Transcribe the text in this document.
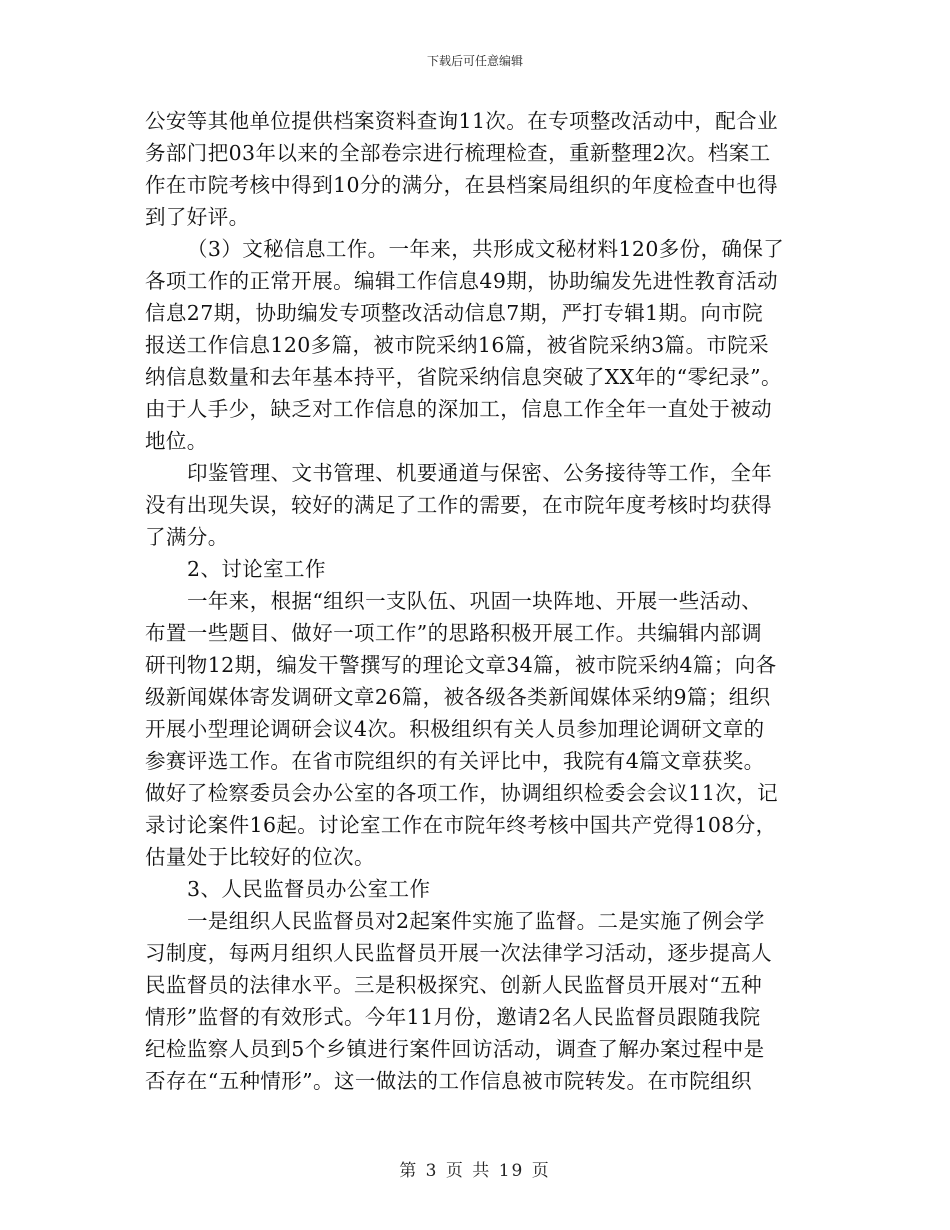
下载后可任意编辑
公安等其他单位提供档案资料查询11次。在专项整改活动中，配合业
务部门把03年以来的全部卷宗进行梳理检查，重新整理2次。档案工
作在市院考核中得到10分的满分，在县档案局组织的年度检查中也得
到了好评。
（3）文秘信息工作。一年来，共形成文秘材料120多份，确保了
各项工作的正常开展。编辑工作信息49期，协助编发先进性教育活动
信息27期，协助编发专项整改活动信息7期，严打专辑1期。向市院
报送工作信息120多篇，被市院采纳16篇，被省院采纳3篇。市院采
纳信息数量和去年基本持平，省院采纳信息突破了XX年的“零纪录”。
由于人手少，缺乏对工作信息的深加工，信息工作全年一直处于被动
地位。
印鉴管理、文书管理、机要通道与保密、公务接待等工作，全年
没有出现失误，较好的满足了工作的需要，在市院年度考核时均获得
了满分。
2、讨论室工作
一年来，根据“组织一支队伍、巩固一块阵地、开展一些活动、
布置一些题目、做好一项工作”的思路积极开展工作。共编辑内部调
研刊物12期，编发干警撰写的理论文章34篇，被市院采纳4篇；向各
级新闻媒体寄发调研文章26篇，被各级各类新闻媒体采纳9篇；组织
开展小型理论调研会议4次。积极组织有关人员参加理论调研文章的
参赛评选工作。在省市院组织的有关评比中，我院有4篇文章获奖。
做好了检察委员会办公室的各项工作，协调组织检委会会议11次，记
录讨论案件16起。讨论室工作在市院年终考核中国共产党得108分，
估量处于比较好的位次。
3、人民监督员办公室工作
一是组织人民监督员对2起案件实施了监督。二是实施了例会学
习制度，每两月组织人民监督员开展一次法律学习活动，逐步提高人
民监督员的法律水平。三是积极探究、创新人民监督员开展对“五种
情形”监督的有效形式。今年11月份，邀请2名人民监督员跟随我院
纪检监察人员到5个乡镇进行案件回访活动，调查了解办案过程中是
否存在“五种情形”。这一做法的工作信息被市院转发。在市院组织
第 3 页 共 19 页
